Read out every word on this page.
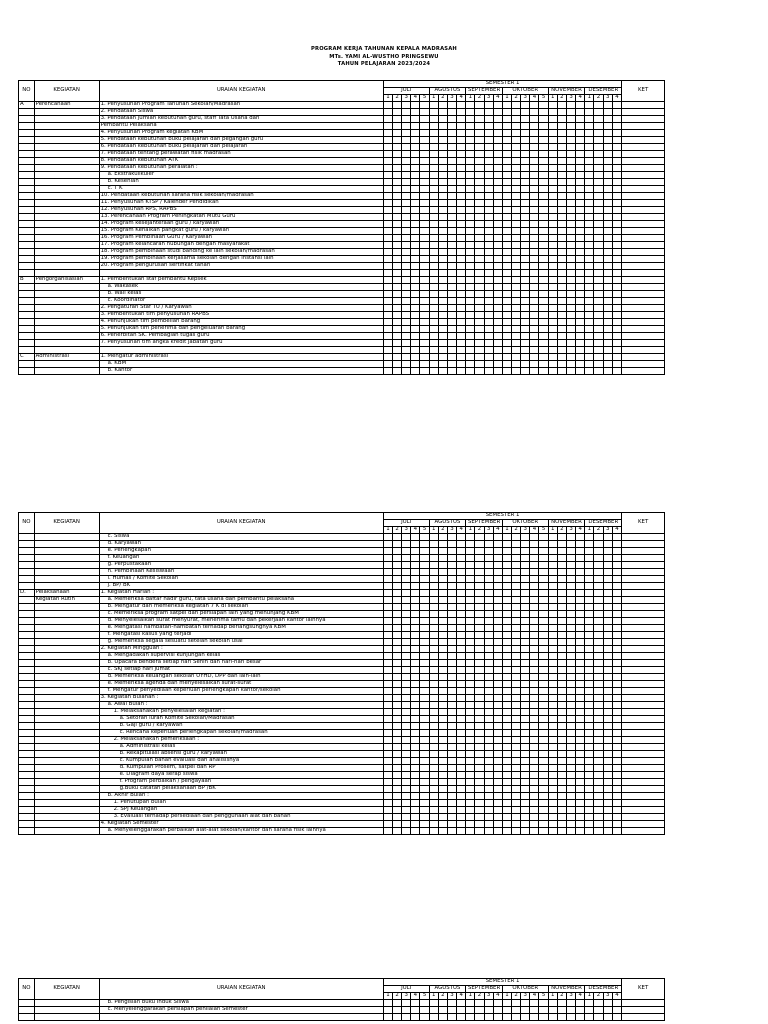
PROGRAM KERJA TAHUNAN KEPALA MADRASAH
MTs. YAMI AL-WUSTHO PRINGSEWU
TAHUN PELAJARAN 2023/2024
NO	KEGIATAN	URAIAN KEGIATAN	SEMESTER 1																										KET
			JULI					AGUSTUS				SEPTEMBER				OKTOBER					NOVEMBER				DESEMBER				
			1	2	3	4	5	1	2	3	4	1	2	3	4	1	2	3	4	5	1	2	3	4	1	2	3	4	
A	Perencanaan	1. Penyusunan Program Tahunan Sekolah/Madrasah																											
		2. Pendataan Siswa																											
		3. Pendataan jumlah kebutuhan guru, staff Tata Usaha dan																											
		Pembantu Pelaksana																											
		4. Penyusunan Program kegiatan KBM																											
		5. Pendataan kebutuhan buku pelajaran dan pegangan guru																											
		6. Pendataan kebutuhan buku pelajaran dan pelajaran																											
		7. Pendataan tentang perawatan fisik madrasah																											
		8. Pendataan kebutuhan ATK																											
		9. Pendataan kebutuhan peralatan :																											
		a. Ekstrakulikuler																											
		b. Kesenian																											
		c. T K																											
		10. Pendataan kebutuhan sarana fisik sekolah/madrasah																											
		11. Penyusunan KTSP / Kalender Pendidikan																											
		12. Penyusunan RPS, RAPBS																											
		13. Perencanaan Program Peningkatan Mutu Guru																											
		14. Program kesejahteraan guru / karyawan																											
		15. Program Kenaikan pangkat guru / karyawan																											
		16. Program Pembinaan Guru / Karyawan																											
		17. Program kelancaran hubungan dengan masyarakat																											
		18. Program pembinaan studi banding ke lain sekolah/madrasah																											
		19. Program pembinaan kerjasama sekolah dengan instansi lain																											
		20. Program pengurusan sertifikat tanah																											

B	Pengorganisasian	1. Pembentukan staf pembantu Kepsek																											
		a. Wakasek																											
		b. Wali kelas																											
		c. Koordinator																											
		2. Pengaturan Staf TU / Karyawan																											
		3. Pembentukan tim penyusunan RAPBS																											
		4. Penunjukan tim pembelian barang																											
		5. Penunjukan tim penerima dan pengeluaran barang																											
		6. Penerbitan SK. Pembagian tugas guru																											
		7. Penyusunan tim angka kredit jabatan guru																											

C	Administrasi	1. Mengatur administrasi																											
		a. KBM																											
		b. Kantor																											
NO	KEGIATAN	URAIAN KEGIATAN	SEMESTER 1																										KET
			JULI					AGUSTUS				SEPTEMBER				OKTOBER					NOVEMBER				DESEMBER				
			1	2	3	4	5	1	2	3	4	1	2	3	4	1	2	3	4	5	1	2	3	4	1	2	3	4	
		c. Siswa																											
		d. Karyawan																											
		e. Perlengkapan																											
		f. Keuangan																											
		g. Perpustakaan																											
		h. Pembinaan Kesiswaan																											
		i. Humas / Komite Sekolah																											
		j. BP/ BK																											
D.	Pelaksanaan	1. Kegiatan Harian :																											
	Kegiatan Rutin	a. Memeriksa daftar hadir guru, tata usaha dan pembantu pelaksana																											
		b. Mengatur dan memeriksa kegiatan 7 K di sekolah																											
		c. Memeriksa program satpel dan persiapan lain yang menunjang KBM																											
		d. Menyelesaikan surat menyurat, menerima tamu dan pekerjaan kantor lainnya																											
		e. Mengatasi hambatan-hambatan terhadap berlangsungnya KBM																											
		f. Mengatasi kasus yang terjadi																											
		g. Memeriksa segala sesuatu setelah sekolah usai																											
		2. Kegiatan Mingguan :																											
		a. Mengadakan supervisi kunjungan kelas																											
		b. Upacara bendera setiap hari Senin dan hari-hari besar																											
		c. SKJ setiap hari jumat																											
		d. Memeriksa keuangan sekolah UYHD, DPP dan lain-lain																											
		e. Memeriksa agenda dan menyelesaikan surat-surat																											
		f. Mengatur penyediaan keperluan perlengkapan kantor/sekolah																											
		3. Kegiatan Bulanan :																											
		a. Awal Bulan :																											
		1. Melaksanakan penyelesaian kegiatan :																											
		a. Setoran iuran Komite Sekolah/Madrasah																											
		b. Gaji guru / karyawan																											
		c. Rencana keperluan perlengkapan sekolah/madrasah																											
		2. Melaksanakan pemeriksaan :																											
		a. Administrasi kelas																											
		b. Rekapitulasi absensi guru / karyawan																											
		c. Kumpulan bahan evaluasi dan analisisnya																											
		d. Kumpulan Prosem, satpel dan RP																											
		e. Diagram daya serap siswa																											
		f. Program perbaikan / pengayaan																											
		g.Buku catatan pelaksanaan BP /BK																											
		b. Akhir Bulan :																											
		1. Penutupan bulan																											
		2. SPJ Keuangan																											
		3. Evaluasi terhadap persediaan dan penggunaan alat dan bahan																											
		4. Kegiatan Semester																											
		a. Menyelenggarakan perbaikan alat-alat sekolah/kantor dan sarana fisik lainnya																											
NO	KEGIATAN	URAIAN KEGIATAN	SEMESTER 1																										KET
			JULI					AGUSTUS				SEPTEMBER				OKTOBER					NOVEMBER				DESEMBER				
			1	2	3	4	5	1	2	3	4	1	2	3	4	1	2	3	4	5	1	2	3	4	1	2	3	4	
		b. Pengisian buku Induk Siswa																											
		c. Menyelenggarakan persiapan penilaian Semester																											
